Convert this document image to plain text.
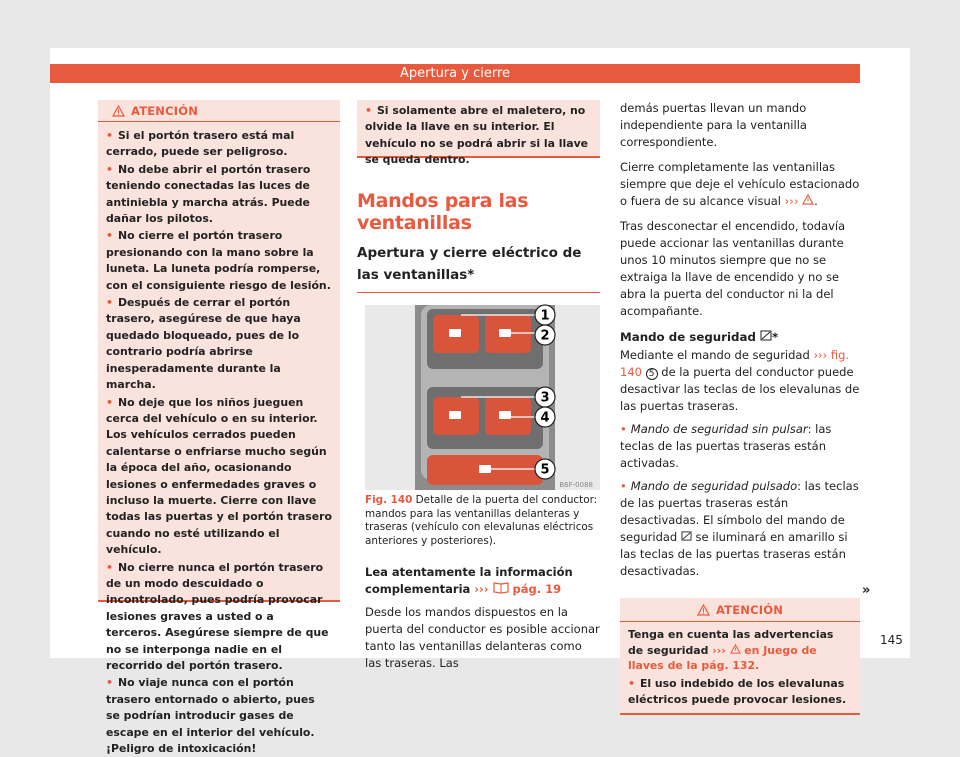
Apertura y cierre
ATENCIÓN
• Si el portón trasero está mal cerrado, puede ser peligroso.
• No debe abrir el portón trasero teniendo conectadas las luces de antiniebla y marcha atrás. Puede dañar los pilotos.
• No cierre el portón trasero presionando con la mano sobre la luneta. La luneta podría romperse, con el consiguiente riesgo de lesión.
• Después de cerrar el portón trasero, asegúrese de que haya quedado bloqueado, pues de lo contrario podría abrirse inesperadamente durante la marcha.
• No deje que los niños jueguen cerca del vehículo o en su interior. Los vehículos cerrados pueden calentarse o enfriarse mucho según la época del año, ocasionando lesiones o enfermedades graves o incluso la muerte. Cierre con llave todas las puertas y el portón trasero cuando no esté utilizando el vehículo.
• No cierre nunca el portón trasero de un modo descuidado o incontrolado, pues podría provocar lesiones graves a usted o a terceros. Asegúrese siempre de que no se interponga nadie en el recorrido del portón trasero.
• No viaje nunca con el portón trasero entornado o abierto, pues se podrían introducir gases de escape en el interior del vehículo. ¡Peligro de intoxicación!
• Si solamente abre el maletero, no olvide la llave en su interior. El vehículo no se podrá abrir si la llave se queda dentro.
Mandos para las ventanillas
Apertura y cierre eléctrico de las ventanillas*
1
2
3
4
5
B6F-0088
Fig. 140 Detalle de la puerta del conductor: mandos para las ventanillas delanteras y traseras (vehículo con elevalunas eléctricos anteriores y posteriores).
Lea atentamente la información complementaria ››› pág. 19

Desde los mandos dispuestos en la puerta del conductor es posible accionar tanto las ventanillas delanteras como las traseras. Las

demás puertas llevan un mando independiente para la ventanilla correspondiente.

Cierre completamente las ventanillas siempre que deje el vehículo estacionado o fuera de su alcance visual ››› .

Tras desconectar el encendido, todavía puede accionar las ventanillas durante unos 10 minutos siempre que no se extraiga la llave de encendido y no se abra la puerta del conductor ni la del acompañante.

Mando de seguridad *

Mediante el mando de seguridad ››› fig. 140 5 de la puerta del conductor puede desactivar las teclas de los elevalunas de las puertas traseras.

• Mando de seguridad sin pulsar: las teclas de las puertas traseras están activadas.

• Mando de seguridad pulsado: las teclas de las puertas traseras están desactivadas. El símbolo del mando de seguridad se iluminará en amarillo si las teclas de las puertas traseras están desactivadas.

ATENCIÓN
Tenga en cuenta las advertencias de seguridad ››› en Juego de llaves de la pág. 132.
• El uso indebido de los elevalunas eléctricos puede provocar lesiones.
»
145
